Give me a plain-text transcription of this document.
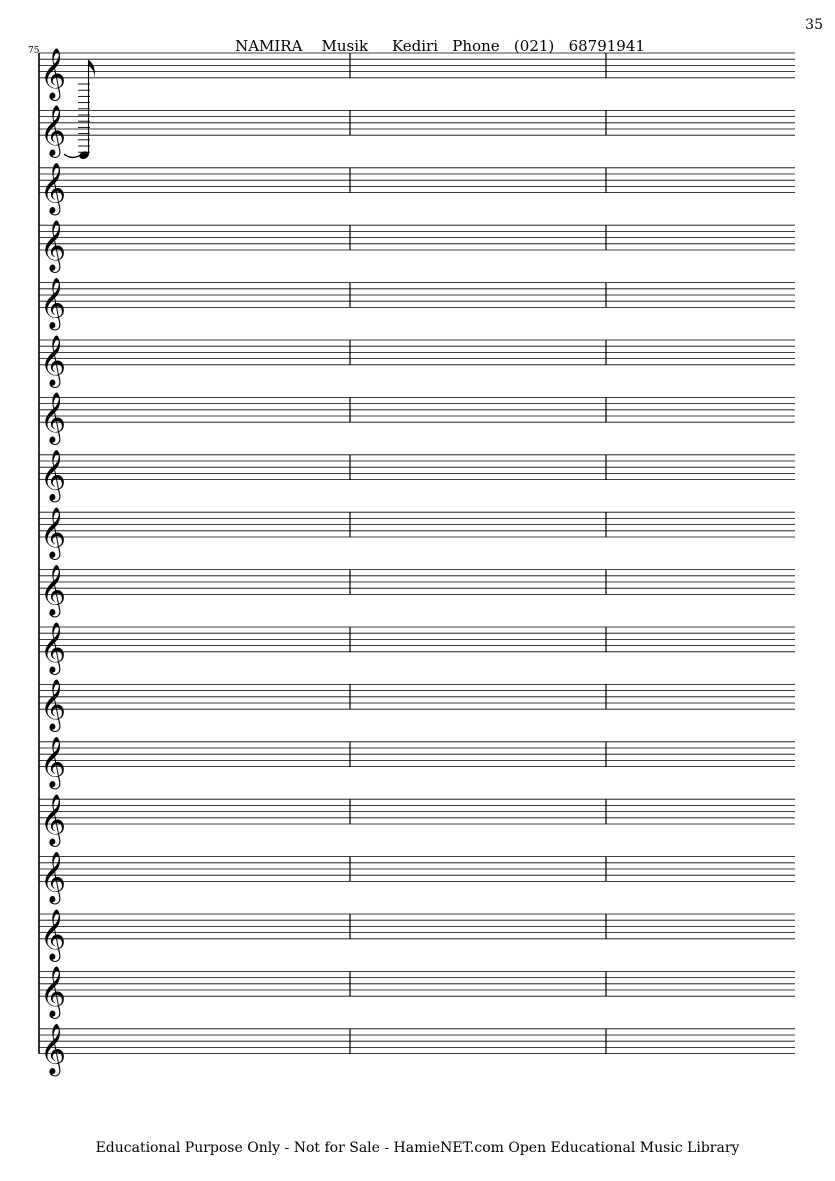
35
NAMIRA    Musik     Kediri   Phone   (021)   68791941
75 𝄞
𝄞
𝄞
𝄞
𝄞
𝄞
𝄞
𝄞
𝄞
𝄞
𝄞
𝄞
𝄞
𝄞
𝄞
𝄞
𝄞
𝄞
Educational Purpose Only - Not for Sale - HamieNET.com Open Educational Music Library
